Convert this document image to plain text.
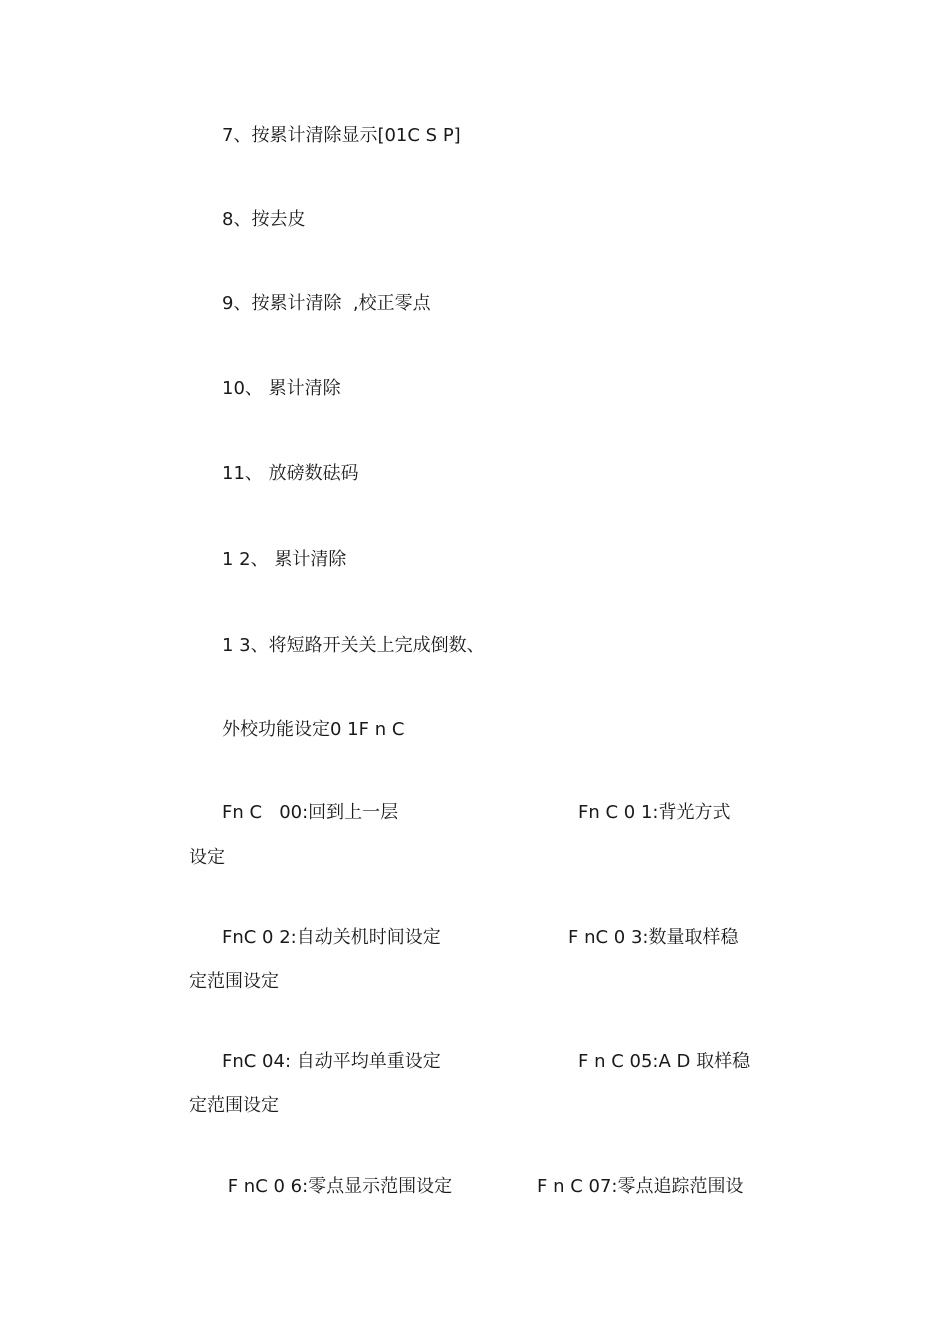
7、按累计清除显示[01C S P]
8、按去皮
9、按累计清除  ,校正零点
10、 累计清除
11、 放磅数砝码
1 2、 累计清除
1 3、将短路开关关上完成倒数、
外校功能设定0 1F n C
Fn C   00:回到上一层	Fn C 0 1:背光方式
设定
FnC 0 2:自动关机时间设定	F nC 0 3:数量取样稳
定范围设定
FnC 04: 自动平均单重设定	F n C 05:A D 取样稳
定范围设定
F nC 0 6:零点显示范围设定	F n C 07:零点追踪范围设
